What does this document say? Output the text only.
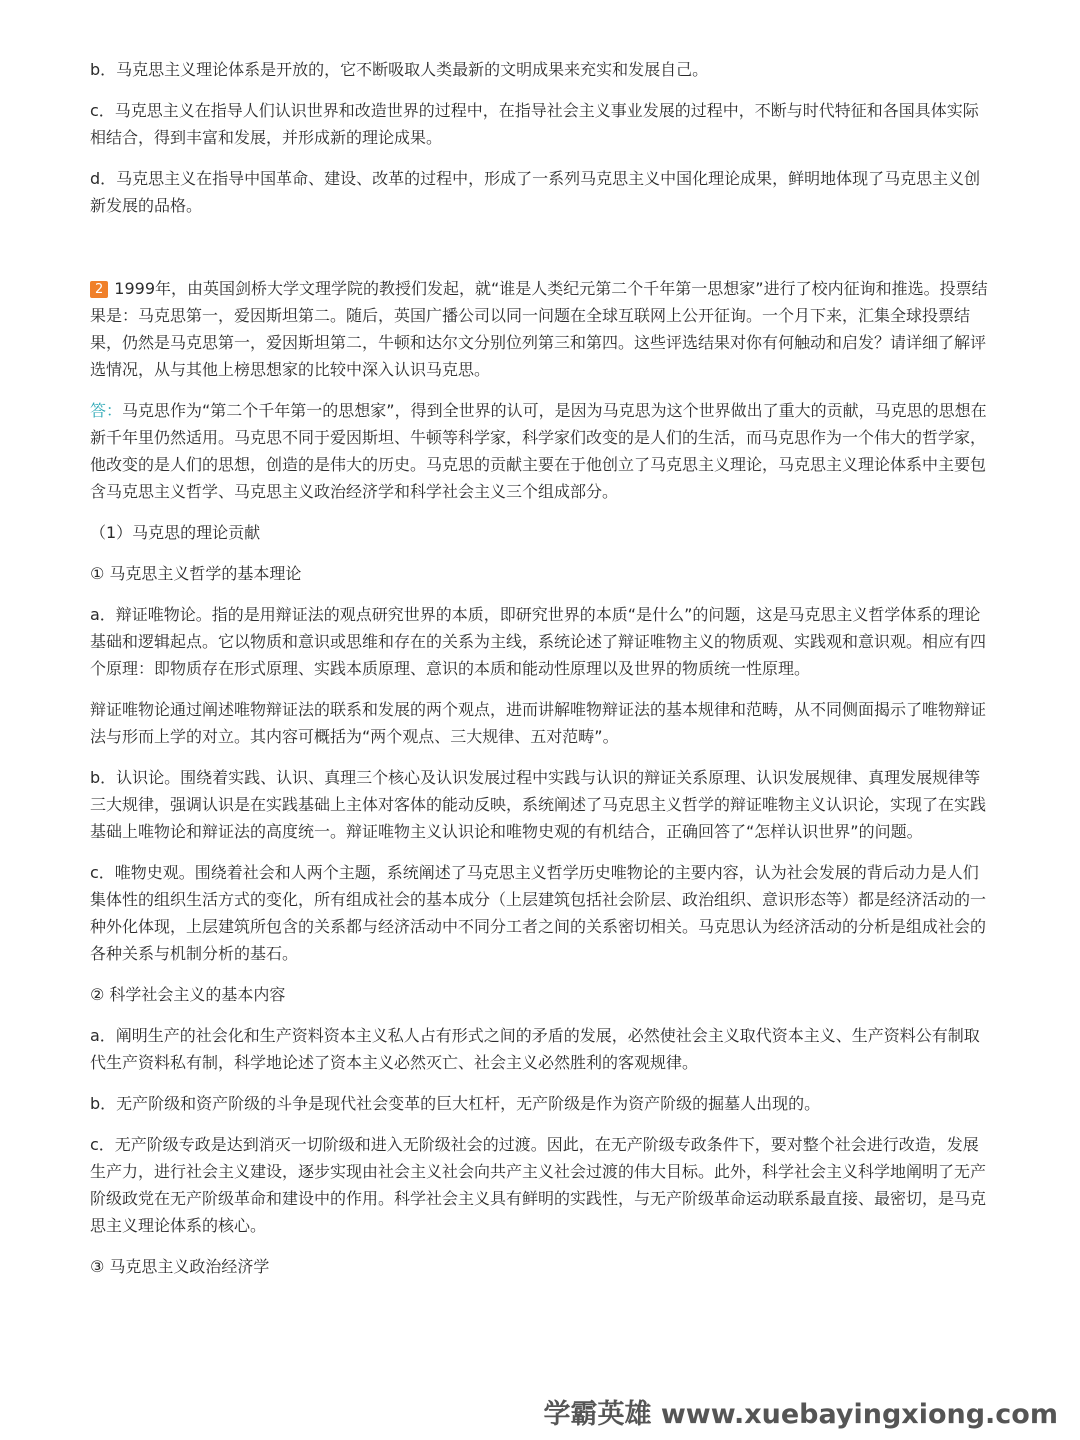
b．马克思主义理论体系是开放的，它不断吸取人类最新的文明成果来充实和发展自己。

c．马克思主义在指导人们认识世界和改造世界的过程中，在指导社会主义事业发展的过程中，不断与时代特征和各国具体实际相结合，得到丰富和发展，并形成新的理论成果。

d．马克思主义在指导中国革命、建设、改革的过程中，形成了一系列马克思主义中国化理论成果，鲜明地体现了马克思主义创新发展的品格。

2 1999年，由英国剑桥大学文理学院的教授们发起，就“谁是人类纪元第二个千年第一思想家”进行了校内征询和推选。投票结果是：马克思第一，爱因斯坦第二。随后，英国广播公司以同一问题在全球互联网上公开征询。一个月下来，汇集全球投票结果，仍然是马克思第一，爱因斯坦第二，牛顿和达尔文分别位列第三和第四。这些评选结果对你有何触动和启发？请详细了解评选情况，从与其他上榜思想家的比较中深入认识马克思。

答：马克思作为“第二个千年第一的思想家”，得到全世界的认可，是因为马克思为这个世界做出了重大的贡献，马克思的思想在新千年里仍然适用。马克思不同于爱因斯坦、牛顿等科学家，科学家们改变的是人们的生活，而马克思作为一个伟大的哲学家，他改变的是人们的思想，创造的是伟大的历史。马克思的贡献主要在于他创立了马克思主义理论，马克思主义理论体系中主要包含马克思主义哲学、马克思主义政治经济学和科学社会主义三个组成部分。

（1）马克思的理论贡献

① 马克思主义哲学的基本理论

a．辩证唯物论。指的是用辩证法的观点研究世界的本质，即研究世界的本质“是什么”的问题，这是马克思主义哲学体系的理论基础和逻辑起点。它以物质和意识或思维和存在的关系为主线，系统论述了辩证唯物主义的物质观、实践观和意识观。相应有四个原理：即物质存在形式原理、实践本质原理、意识的本质和能动性原理以及世界的物质统一性原理。

辩证唯物论通过阐述唯物辩证法的联系和发展的两个观点，进而讲解唯物辩证法的基本规律和范畴，从不同侧面揭示了唯物辩证法与形而上学的对立。其内容可概括为“两个观点、三大规律、五对范畴”。

b．认识论。围绕着实践、认识、真理三个核心及认识发展过程中实践与认识的辩证关系原理、认识发展规律、真理发展规律等三大规律，强调认识是在实践基础上主体对客体的能动反映，系统阐述了马克思主义哲学的辩证唯物主义认识论，实现了在实践基础上唯物论和辩证法的高度统一。辩证唯物主义认识论和唯物史观的有机结合，正确回答了“怎样认识世界”的问题。

c．唯物史观。围绕着社会和人两个主题，系统阐述了马克思主义哲学历史唯物论的主要内容，认为社会发展的背后动力是人们集体性的组织生活方式的变化，所有组成社会的基本成分（上层建筑包括社会阶层、政治组织、意识形态等）都是经济活动的一种外化体现，上层建筑所包含的关系都与经济活动中不同分工者之间的关系密切相关。马克思认为经济活动的分析是组成社会的各种关系与机制分析的基石。

② 科学社会主义的基本内容

a．阐明生产的社会化和生产资料资本主义私人占有形式之间的矛盾的发展，必然使社会主义取代资本主义、生产资料公有制取代生产资料私有制，科学地论述了资本主义必然灭亡、社会主义必然胜利的客观规律。

b．无产阶级和资产阶级的斗争是现代社会变革的巨大杠杆，无产阶级是作为资产阶级的掘墓人出现的。

c．无产阶级专政是达到消灭一切阶级和进入无阶级社会的过渡。因此，在无产阶级专政条件下，要对整个社会进行改造，发展生产力，进行社会主义建设，逐步实现由社会主义社会向共产主义社会过渡的伟大目标。此外，科学社会主义科学地阐明了无产阶级政党在无产阶级革命和建设中的作用。科学社会主义具有鲜明的实践性，与无产阶级革命运动联系最直接、最密切，是马克思主义理论体系的核心。

③ 马克思主义政治经济学

学霸英雄 www.xuebayingxiong.com
